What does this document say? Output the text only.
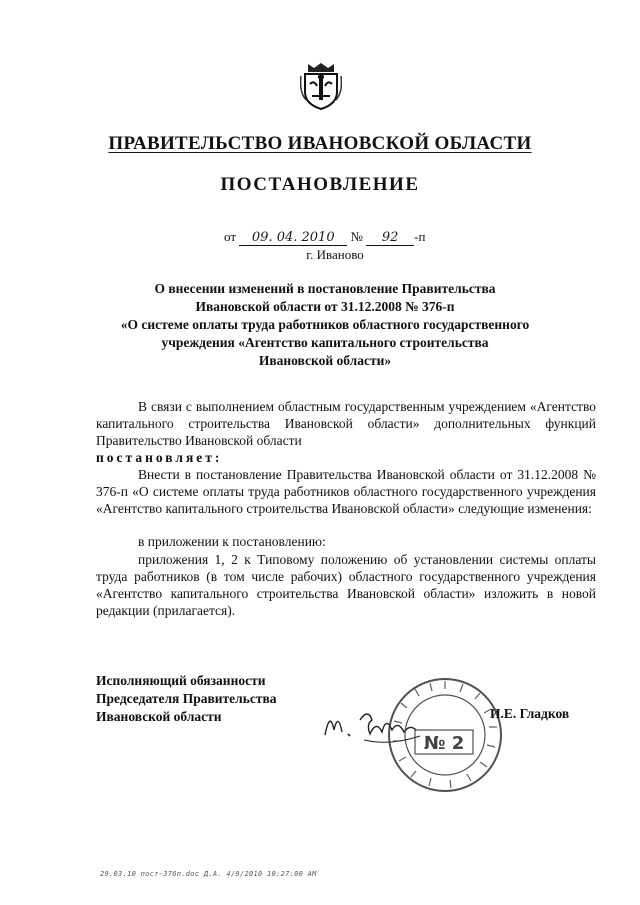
ПРАВИТЕЛЬСТВО ИВАНОВСКОЙ ОБЛАСТИ
ПОСТАНОВЛЕНИЕ
от 09. 04. 2010 № 92 -п
г. Иваново
О внесении изменений в постановление Правительства
Ивановской области от 31.12.2008 № 376-п
«О системе оплаты труда работников областного государственного
учреждения «Агентство капитального строительства
Ивановской области»

В связи с выполнением областным государственным учреждением «Агентство капитального строительства Ивановской области» дополнительных функций Правительство Ивановской области

постановляет:

Внести в постановление Правительства Ивановской области от 31.12.2008 № 376-п «О системе оплаты труда работников областного государственного учреждения «Агентство капитального строительства Ивановской области» следующие изменения:

в приложении к постановлению:

приложения 1, 2 к Типовому положению об установлении системы оплаты труда работников (в том числе рабочих) областного государственного учреждения «Агентство капитального строительства Ивановской области» изложить в новой редакции (прилагается).

Исполняющий обязанности
Председателя Правительства
Ивановской области
№ 2
И.Е. Гладков
29.03.10 пост-376п.doc Д.А. 4/9/2010 10:27:00 AM
